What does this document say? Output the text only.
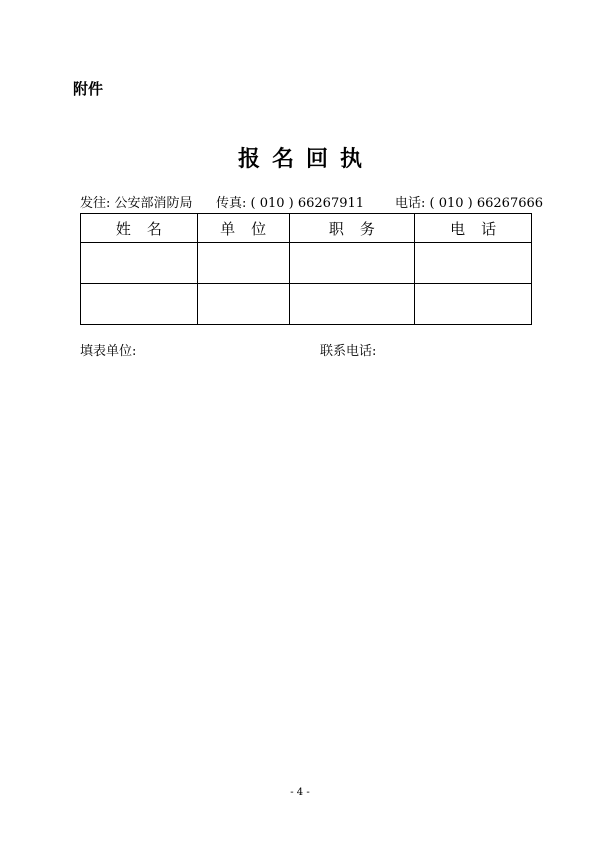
附件
报名回执
发往: 公安部消防局 传真: ( 010 ) 66267911 电话: ( 010 ) 66267666
姓名	单位	职务	电话

填表单位:	联系电话:
- 4 -
